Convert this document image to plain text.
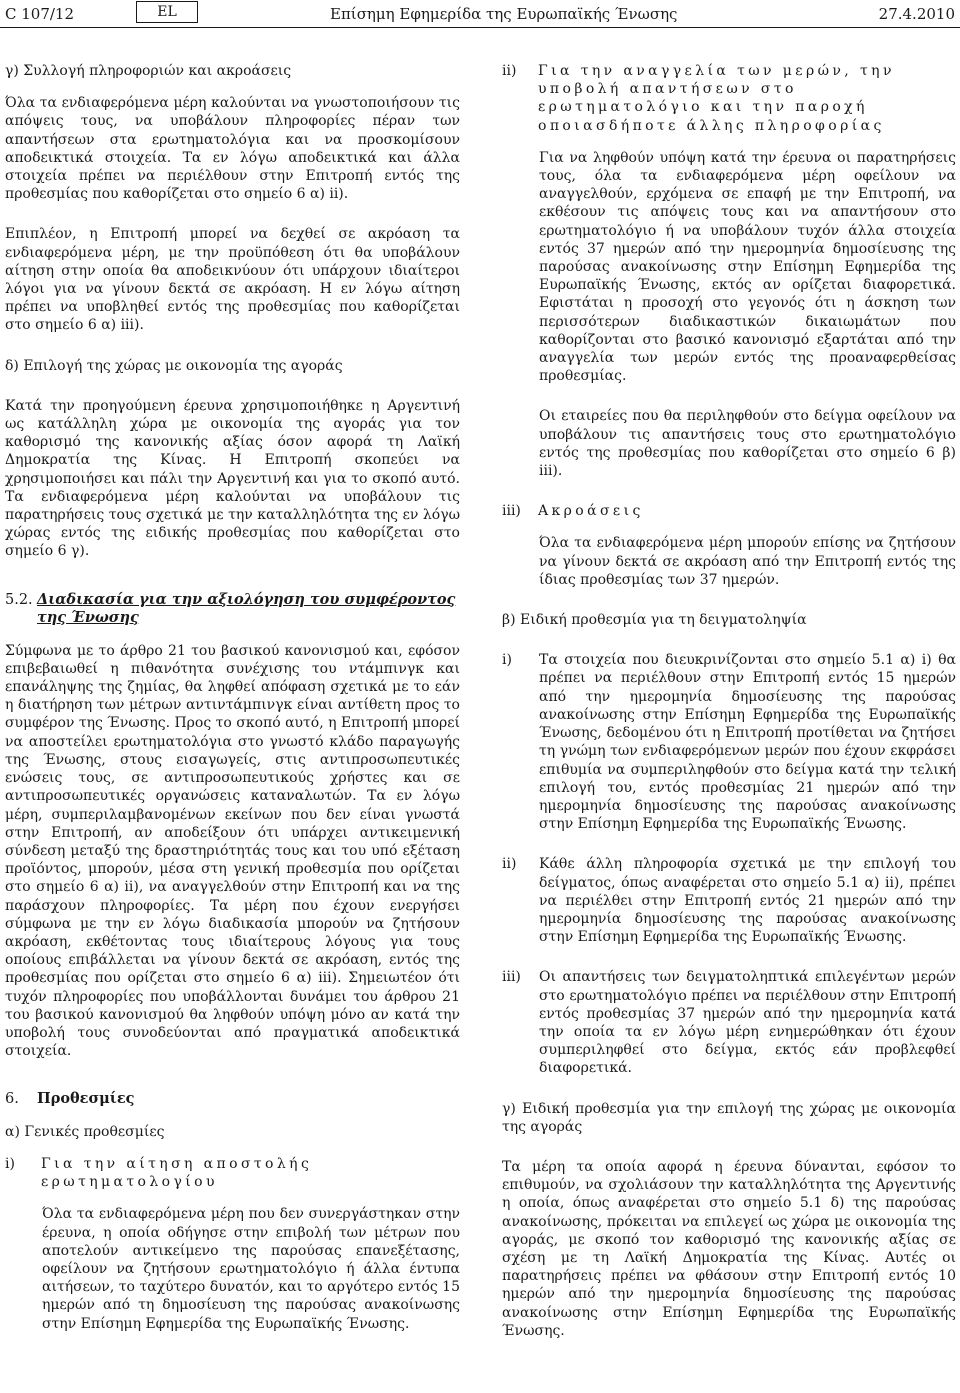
C 107/12	EL	Επίσημη Εφημερίδα της Ευρωπαϊκής Ένωσης	27.4.2010

γ) Συλλογή πληροφοριών και ακροάσεις

Όλα τα ενδιαφερόμενα μέρη καλούνται να γνωστοποιήσουν τις απόψεις τους, να υποβάλουν πληροφορίες πέραν των απαντήσεων στα ερωτηματολόγια και να προσκομίσουν αποδεικτικά στοιχεία. Τα εν λόγω αποδεικτικά και άλλα στοιχεία πρέπει να περιέλθουν στην Επιτροπή εντός της προθεσμίας που καθορίζεται στο σημείο 6 α) ii).

Επιπλέον, η Επιτροπή μπορεί να δεχθεί σε ακρόαση τα ενδιαφερόμενα μέρη, με την προϋπόθεση ότι θα υποβάλουν αίτηση στην οποία θα αποδεικνύουν ότι υπάρχουν ιδιαίτεροι λόγοι για να γίνουν δεκτά σε ακρόαση. Η εν λόγω αίτηση πρέπει να υποβληθεί εντός της προθεσμίας που καθορίζεται στο σημείο 6 α) iii).

δ) Επιλογή της χώρας με οικονομία της αγοράς

Κατά την προηγούμενη έρευνα χρησιμοποιήθηκε η Αργεντινή ως κατάλληλη χώρα με οικονομία της αγοράς για τον καθορισμό της κανονικής αξίας όσον αφορά τη Λαϊκή Δημοκρατία της Κίνας. Η Επιτροπή σκοπεύει να χρησιμοποιήσει και πάλι την Αργεντινή και για το σκοπό αυτό. Τα ενδιαφερόμενα μέρη καλούνται να υποβάλουν τις παρατηρήσεις τους σχετικά με την καταλληλότητα της εν λόγω χώρας εντός της ειδικής προθεσμίας που καθορίζεται στο σημείο 6 γ).

5.2. Διαδικασία για την αξιολόγηση του συμφέροντος της Ένωσης

Σύμφωνα με το άρθρο 21 του βασικού κανονισμού και, εφόσον επιβεβαιωθεί η πιθανότητα συνέχισης του ντάμπινγκ και επανάληψης της ζημίας, θα ληφθεί απόφαση σχετικά με το εάν η διατήρηση των μέτρων αντιντάμπινγκ είναι αντίθετη προς το συμφέρον της Ένωσης. Προς το σκοπό αυτό, η Επιτροπή μπορεί να αποστείλει ερωτηματολόγια στο γνωστό κλάδο παραγωγής της Ένωσης, στους εισαγωγείς, στις αντιπροσωπευτικές ενώσεις τους, σε αντιπροσωπευτικούς χρήστες και σε αντιπροσωπευτικές οργανώσεις καταναλωτών. Τα εν λόγω μέρη, συμπεριλαμβανομένων εκείνων που δεν είναι γνωστά στην Επιτροπή, αν αποδείξουν ότι υπάρχει αντικειμενική σύνδεση μεταξύ της δραστηριότητάς τους και του υπό εξέταση προϊόντος, μπορούν, μέσα στη γενική προθεσμία που ορίζεται στο σημείο 6 α) ii), να αναγγελθούν στην Επιτροπή και να της παράσχουν πληροφορίες. Τα μέρη που έχουν ενεργήσει σύμφωνα με την εν λόγω διαδικασία μπορούν να ζητήσουν ακρόαση, εκθέτοντας τους ιδιαίτερους λόγους για τους οποίους επιβάλλεται να γίνουν δεκτά σε ακρόαση, εντός της προθεσμίας που ορίζεται στο σημείο 6 α) iii). Σημειωτέον ότι τυχόν πληροφορίες που υποβάλλονται δυνάμει του άρθρου 21 του βασικού κανονισμού θα ληφθούν υπόψη μόνο αν κατά την υποβολή τους συνοδεύονται από πραγματικά αποδεικτικά στοιχεία.

6.	Προθεσμίες

α) Γενικές προθεσμίες

i)	Για την αίτηση αποστολής ερωτηματολογίου

Όλα τα ενδιαφερόμενα μέρη που δεν συνεργάστηκαν στην έρευνα, η οποία οδήγησε στην επιβολή των μέτρων που αποτελούν αντικείμενο της παρούσας επανεξέτασης, οφείλουν να ζητήσουν ερωτηματολόγιο ή άλλα έντυπα αιτήσεων, το ταχύτερο δυνατόν, και το αργότερο εντός 15 ημερών από τη δημοσίευση της παρούσας ανακοίνωσης στην Επίσημη Εφημερίδα της Ευρωπαϊκής Ένωσης.

ii)	Για την αναγγελία των μερών, την υποβολή απαντήσεων στο ερωτηματολόγιο και την παροχή οποιασδήποτε άλλης πληροφορίας

Για να ληφθούν υπόψη κατά την έρευνα οι παρατηρήσεις τους, όλα τα ενδιαφερόμενα μέρη οφείλουν να αναγγελθούν, ερχόμενα σε επαφή με την Επιτροπή, να εκθέσουν τις απόψεις τους και να απαντήσουν στο ερωτηματολόγιο ή να υποβάλουν τυχόν άλλα στοιχεία εντός 37 ημερών από την ημερομηνία δημοσίευσης της παρούσας ανακοίνωσης στην Επίσημη Εφημερίδα της Ευρωπαϊκής Ένωσης, εκτός αν ορίζεται διαφορετικά. Εφιστάται η προσοχή στο γεγονός ότι η άσκηση των περισσότερων διαδικαστικών δικαιωμάτων που καθορίζονται στο βασικό κανονισμό εξαρτάται από την αναγγελία των μερών εντός της προαναφερθείσας προθεσμίας.

Οι εταιρείες που θα περιληφθούν στο δείγμα οφείλουν να υποβάλουν τις απαντήσεις τους στο ερωτηματολόγιο εντός της προθεσμίας που καθορίζεται στο σημείο 6 β) iii).

iii)	Ακροάσεις

Όλα τα ενδιαφερόμενα μέρη μπορούν επίσης να ζητήσουν να γίνουν δεκτά σε ακρόαση από την Επιτροπή εντός της ίδιας προθεσμίας των 37 ημερών.

β) Ειδική προθεσμία για τη δειγματοληψία

i)	Τα στοιχεία που διευκρινίζονται στο σημείο 5.1 α) i) θα πρέπει να περιέλθουν στην Επιτροπή εντός 15 ημερών από την ημερομηνία δημοσίευσης της παρούσας ανακοίνωσης στην Επίσημη Εφημερίδα της Ευρωπαϊκής Ένωσης, δεδομένου ότι η Επιτροπή προτίθεται να ζητήσει τη γνώμη των ενδιαφερόμενων μερών που έχουν εκφράσει επιθυμία να συμπεριληφθούν στο δείγμα κατά την τελική επιλογή του, εντός προθεσμίας 21 ημερών από την ημερομηνία δημοσίευσης της παρούσας ανακοίνωσης στην Επίσημη Εφημερίδα της Ευρωπαϊκής Ένωσης.

ii)	Κάθε άλλη πληροφορία σχετικά με την επιλογή του δείγματος, όπως αναφέρεται στο σημείο 5.1 α) ii), πρέπει να περιέλθει στην Επιτροπή εντός 21 ημερών από την ημερομηνία δημοσίευσης της παρούσας ανακοίνωσης στην Επίσημη Εφημερίδα της Ευρωπαϊκής Ένωσης.

iii)	Οι απαντήσεις των δειγματοληπτικά επιλεγέντων μερών στο ερωτηματολόγιο πρέπει να περιέλθουν στην Επιτροπή εντός προθεσμίας 37 ημερών από την ημερομηνία κατά την οποία τα εν λόγω μέρη ενημερώθηκαν ότι έχουν συμπεριληφθεί στο δείγμα, εκτός εάν προβλεφθεί διαφορετικά.

γ) Ειδική προθεσμία για την επιλογή της χώρας με οικονομία της αγοράς

Τα μέρη τα οποία αφορά η έρευνα δύνανται, εφόσον το επιθυμούν, να σχολιάσουν την καταλληλότητα της Αργεντινής η οποία, όπως αναφέρεται στο σημείο 5.1 δ) της παρούσας ανακοίνωσης, πρόκειται να επιλεγεί ως χώρα με οικονομία της αγοράς, με σκοπό τον καθορισμό της κανονικής αξίας σε σχέση με τη Λαϊκή Δημοκρατία της Κίνας. Αυτές οι παρατηρήσεις πρέπει να φθάσουν στην Επιτροπή εντός 10 ημερών από την ημερομηνία δημοσίευσης της παρούσας ανακοίνωσης στην Επίσημη Εφημερίδα της Ευρωπαϊκής Ένωσης.
